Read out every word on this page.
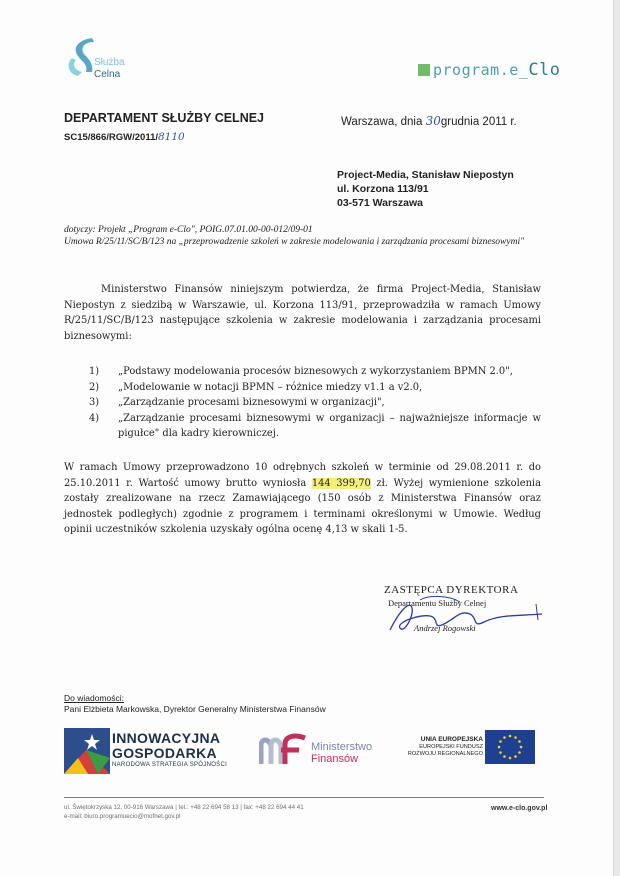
Służba
Celna	program.e_ Clo
DEPARTAMENT SŁUŻBY CELNEJ
SC15/866/RGW/2011/8110
Warszawa, dnia 30grudnia 2011 r.
Project-Media, Stanisław Niepostyn
ul. Korzona 113/91
03-571 Warszawa
dotyczy: Projekt „Program e-Clo", POIG.07.01.00-00-012/09-01
Umowa R/25/11/SC/B/123 na „przeprowadzenie szkoleń w zakresie modelowania i zarządzania procesami biznesowymi"
Ministerstwo Finansów niniejszym potwierdza, że firma Project-Media, Stanisław Niepostyn z siedzibą w Warszawie, ul. Korzona 113/91, przeprowadziła w ramach Umowy R/25/11/SC/B/123 następujące szkolenia w zakresie modelowania i zarządzania procesami biznesowymi:
1)	„Podstawy modelowania procesów biznesowych z wykorzystaniem BPMN 2.0",
2)	„Modelowanie w notacji BPMN – różnice miedzy v1.1 a v2.0,
3)	„Zarządzanie procesami biznesowymi w organizacji",
4)	„Zarządzanie procesami biznesowymi w organizacji – najważniejsze informacje w pigułce" dla kadry kierowniczej.
W ramach Umowy przeprowadzono 10 odrębnych szkoleń w terminie od 29.08.2011 r. do 25.10.2011 r. Wartość umowy brutto wyniosła 144 399,70 zł. Wyżej wymienione szkolenia zostały zrealizowane na rzecz Zamawiającego (150 osób z Ministerstwa Finansów oraz jednostek podległych) zgodnie z programem i terminami określonymi w Umowie. Według opinii uczestników szkolenia uzyskały ogólna ocenę 4,13 w skali 1-5.
ZASTĘPCA DYREKTORA
Departamentu Służby Celnej
Andrzej Rogowski
Do wiadomości:
Pani Elżbieta Markowska, Dyrektor Generalny Ministerstwa Finansów
INNOWACYJNA
GOSPODARKA
NARODOWA STRATEGIA SPÓJNOŚCI
Ministerstwo
Finansów
UNIA EUROPEJSKA
EUROPEJSKI FUNDUSZ
ROZWOJU REGIONALNEGO
ul. Świętokrzyska 12, 00-916 Warszawa | tel.: +48 22 694 58 13 | fax: +48 22 694 44 41
e-mail: biuro.programuecio@mofnet.gov.pl
www.e-clo.gov.pl
